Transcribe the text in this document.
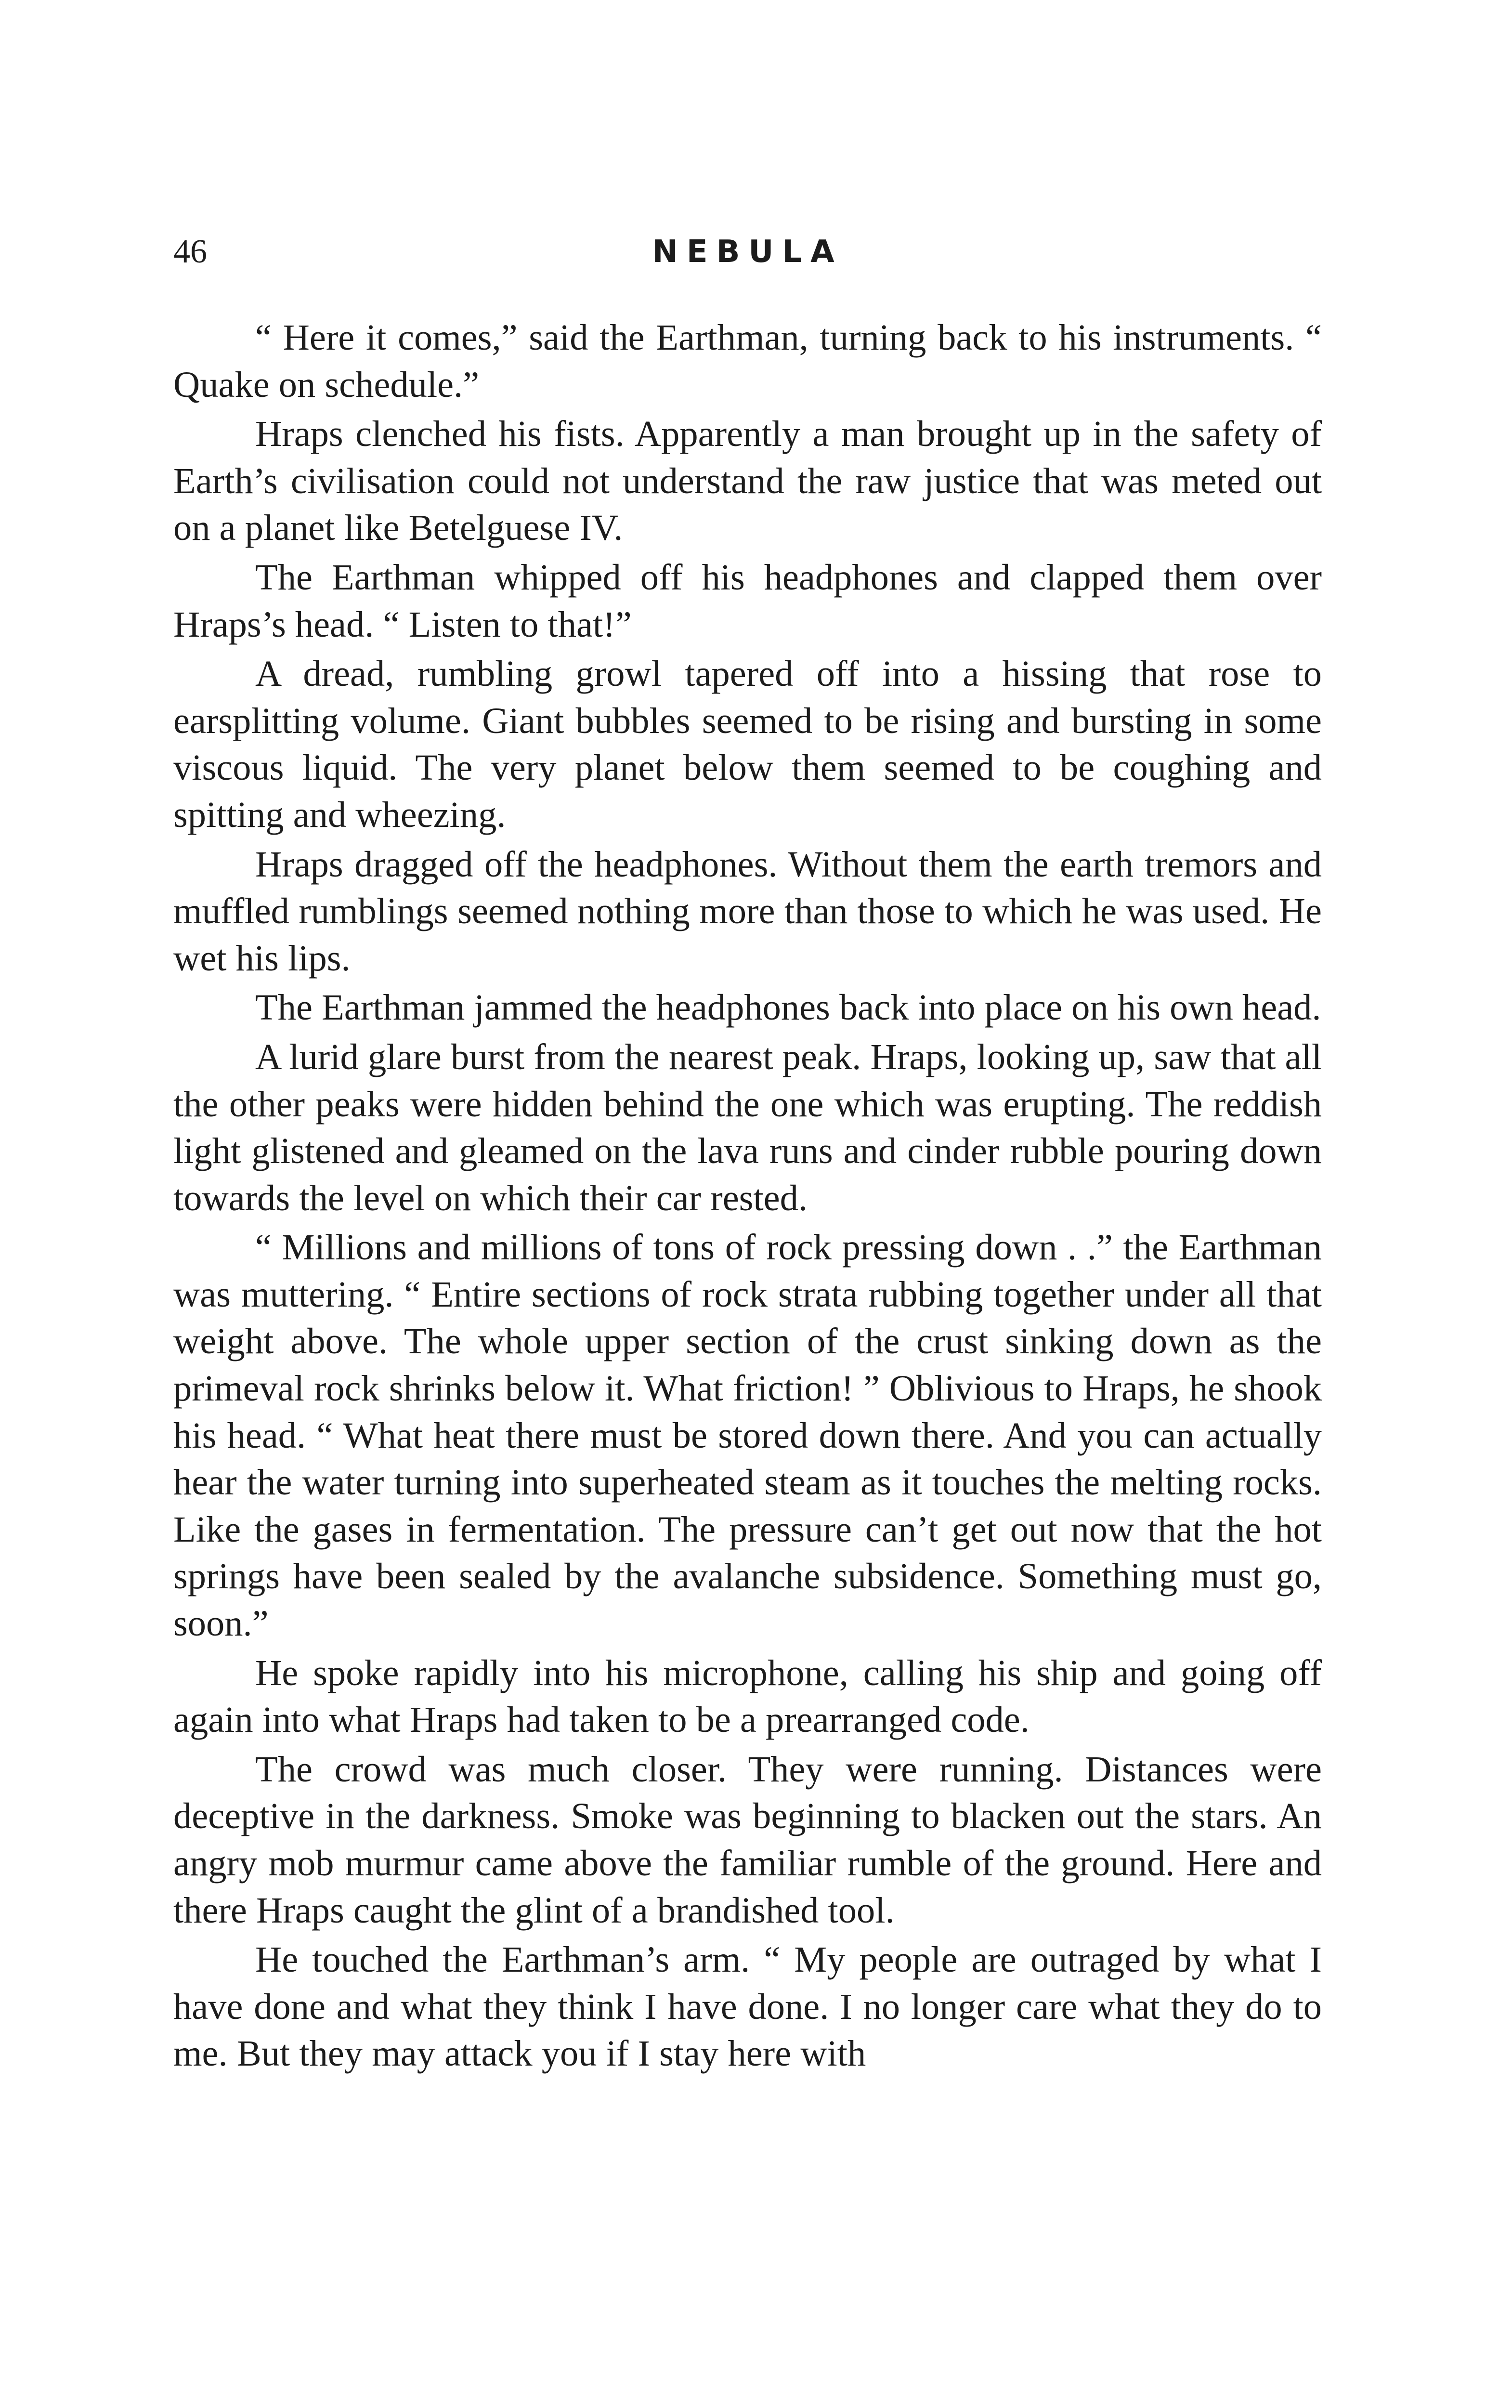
46	NEBULA

“ Here it comes,” said the Earthman, turning back to his instruments. “ Quake on schedule.”

Hraps clenched his fists. Apparently a man brought up in the safety of Earth’s civilisation could not understand the raw justice that was meted out on a planet like Betelguese IV.

The Earthman whipped off his headphones and clapped them over Hraps’s head. “ Listen to that!”

A dread, rumbling growl tapered off into a hissing that rose to earsplitting volume. Giant bubbles seemed to be rising and bursting in some viscous liquid. The very planet below them seemed to be coughing and spitting and wheezing.

Hraps dragged off the headphones. Without them the earth tremors and muffled rumblings seemed nothing more than those to which he was used. He wet his lips.

The Earthman jammed the headphones back into place on his own head.

A lurid glare burst from the nearest peak. Hraps, looking up, saw that all the other peaks were hidden behind the one which was erupting. The reddish light glistened and gleamed on the lava runs and cinder rubble pouring down towards the level on which their car rested.

“ Millions and millions of tons of rock pressing down . .” the Earthman was muttering. “ Entire sections of rock strata rubbing together under all that weight above. The whole upper section of the crust sinking down as the primeval rock shrinks below it. What friction! ” Oblivious to Hraps, he shook his head. “ What heat there must be stored down there. And you can actually hear the water turning into superheated steam as it touches the melting rocks. Like the gases in fermentation. The pressure can’t get out now that the hot springs have been sealed by the avalanche subsidence. Something must go, soon.”

He spoke rapidly into his microphone, calling his ship and going off again into what Hraps had taken to be a prearranged code.

The crowd was much closer. They were running. Distances were deceptive in the darkness. Smoke was beginning to blacken out the stars. An angry mob murmur came above the familiar rumble of the ground. Here and there Hraps caught the glint of a brandished tool.

He touched the Earthman’s arm. “ My people are outraged by what I have done and what they think I have done. I no longer care what they do to me. But they may attack you if I stay here with
